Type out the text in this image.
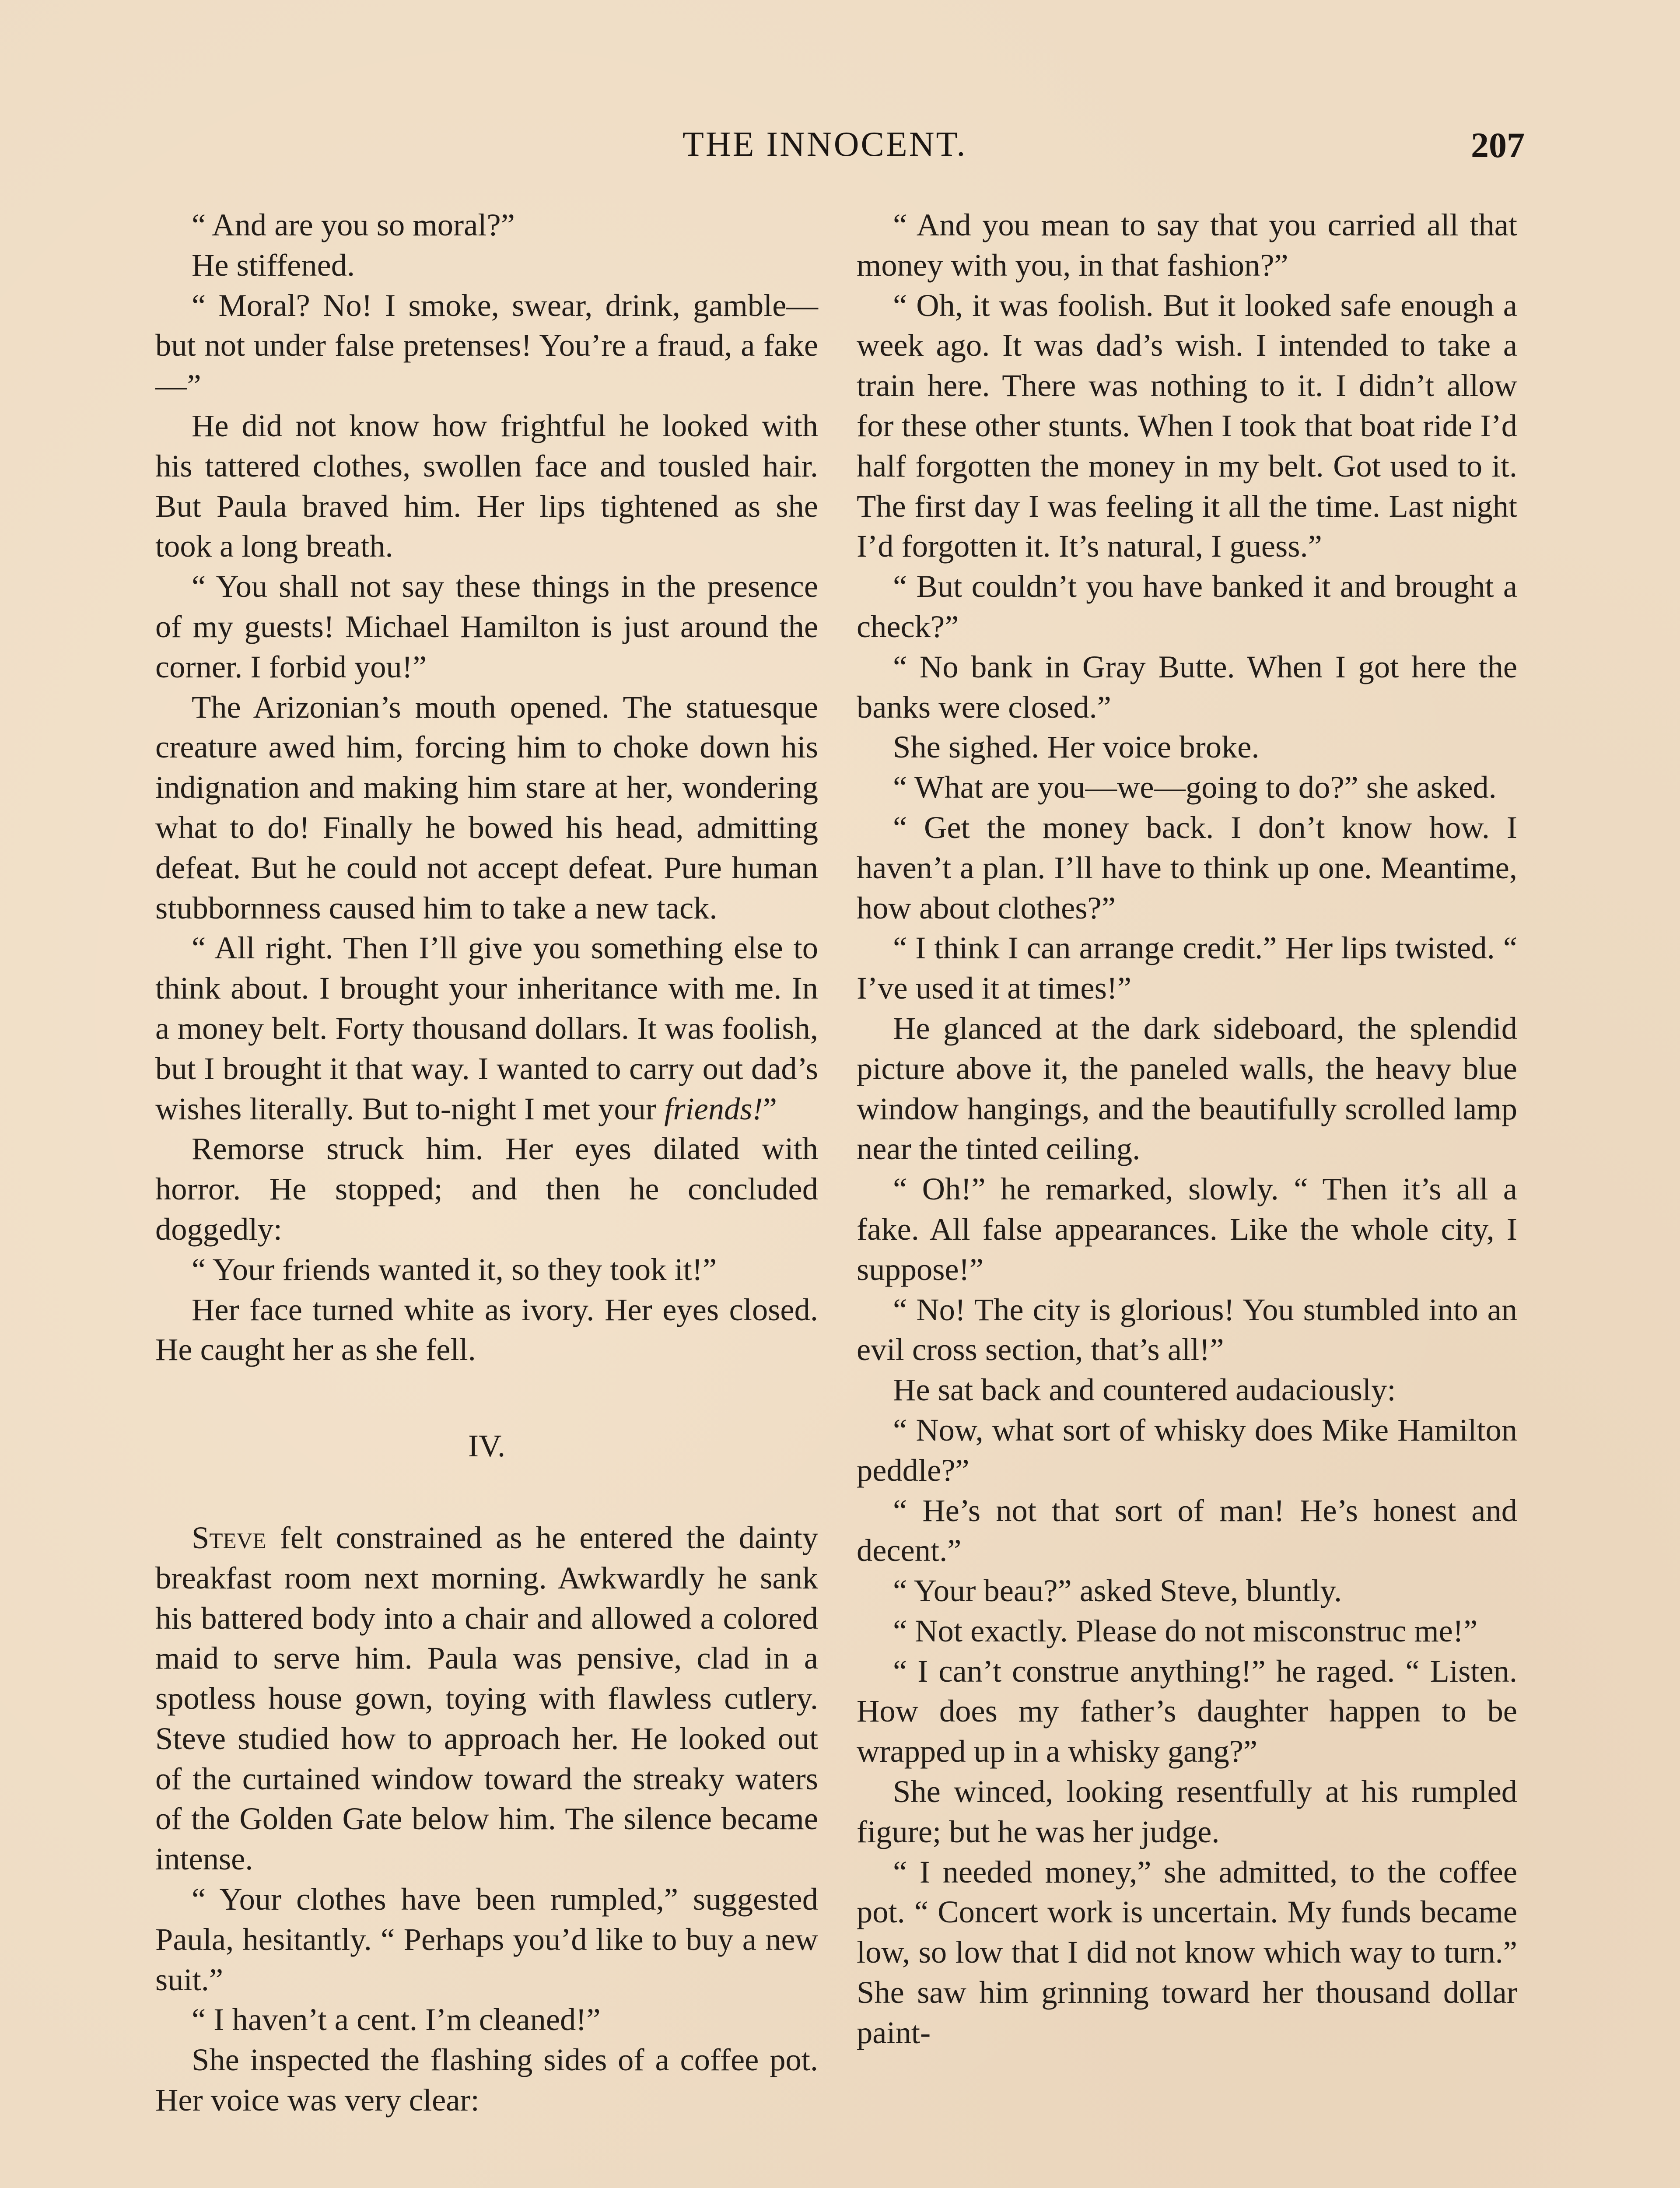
THE INNOCENT.	207

“ And are you so moral?”

He stiffened.

“ Moral? No! I smoke, swear, drink, gamble—but not under false pretenses! You’re a fraud, a fake—”

He did not know how frightful he looked with his tattered clothes, swollen face and tousled hair. But Paula braved him. Her lips tightened as she took a long breath.

“ You shall not say these things in the presence of my guests! Michael Hamilton is just around the corner. I forbid you!”

The Arizonian’s mouth opened. The statuesque creature awed him, forcing him to choke down his indignation and making him stare at her, wondering what to do! Finally he bowed his head, admitting defeat. But he could not accept defeat. Pure human stubbornness caused him to take a new tack.

“ All right. Then I’ll give you something else to think about. I brought your inheritance with me. In a money belt. Forty thousand dollars. It was foolish, but I brought it that way. I wanted to carry out dad’s wishes literally. But to-night I met your friends!”

Remorse struck him. Her eyes dilated with horror. He stopped; and then he concluded doggedly:

“ Your friends wanted it, so they took it!”

Her face turned white as ivory. Her eyes closed. He caught her as she fell.

IV.

Steve felt constrained as he entered the dainty breakfast room next morning. Awkwardly he sank his battered body into a chair and allowed a colored maid to serve him. Paula was pensive, clad in a spotless house gown, toying with flawless cutlery. Steve studied how to approach her. He looked out of the curtained window toward the streaky waters of the Golden Gate below him. The silence became intense.

“ Your clothes have been rumpled,” suggested Paula, hesitantly. “ Perhaps you’d like to buy a new suit.”

“ I haven’t a cent. I’m cleaned!”

She inspected the flashing sides of a coffee pot. Her voice was very clear:

“ And you mean to say that you carried all that money with you, in that fashion?”

“ Oh, it was foolish. But it looked safe enough a week ago. It was dad’s wish. I intended to take a train here. There was nothing to it. I didn’t allow for these other stunts. When I took that boat ride I’d half forgotten the money in my belt. Got used to it. The first day I was feeling it all the time. Last night I’d forgotten it. It’s natural, I guess.”

“ But couldn’t you have banked it and brought a check?”

“ No bank in Gray Butte. When I got here the banks were closed.”

She sighed. Her voice broke.

“ What are you—we—going to do?” she asked.

“ Get the money back. I don’t know how. I haven’t a plan. I’ll have to think up one. Meantime, how about clothes?”

“ I think I can arrange credit.” Her lips twisted. “ I’ve used it at times!”

He glanced at the dark sideboard, the splendid picture above it, the paneled walls, the heavy blue window hangings, and the beautifully scrolled lamp near the tinted ceiling.

“ Oh!” he remarked, slowly. “ Then it’s all a fake. All false appearances. Like the whole city, I suppose!”

“ No! The city is glorious! You stumbled into an evil cross section, that’s all!”

He sat back and countered audaciously:

“ Now, what sort of whisky does Mike Hamilton peddle?”

“ He’s not that sort of man! He’s honest and decent.”

“ Your beau?” asked Steve, bluntly.

“ Not exactly. Please do not misconstruc me!”

“ I can’t construe anything!” he raged. “ Listen. How does my father’s daughter happen to be wrapped up in a whisky gang?”

She winced, looking resentfully at his rumpled figure; but he was her judge.

“ I needed money,” she admitted, to the coffee pot. “ Concert work is uncertain. My funds became low, so low that I did not know which way to turn.” She saw him grinning toward her thousand dollar paint-
